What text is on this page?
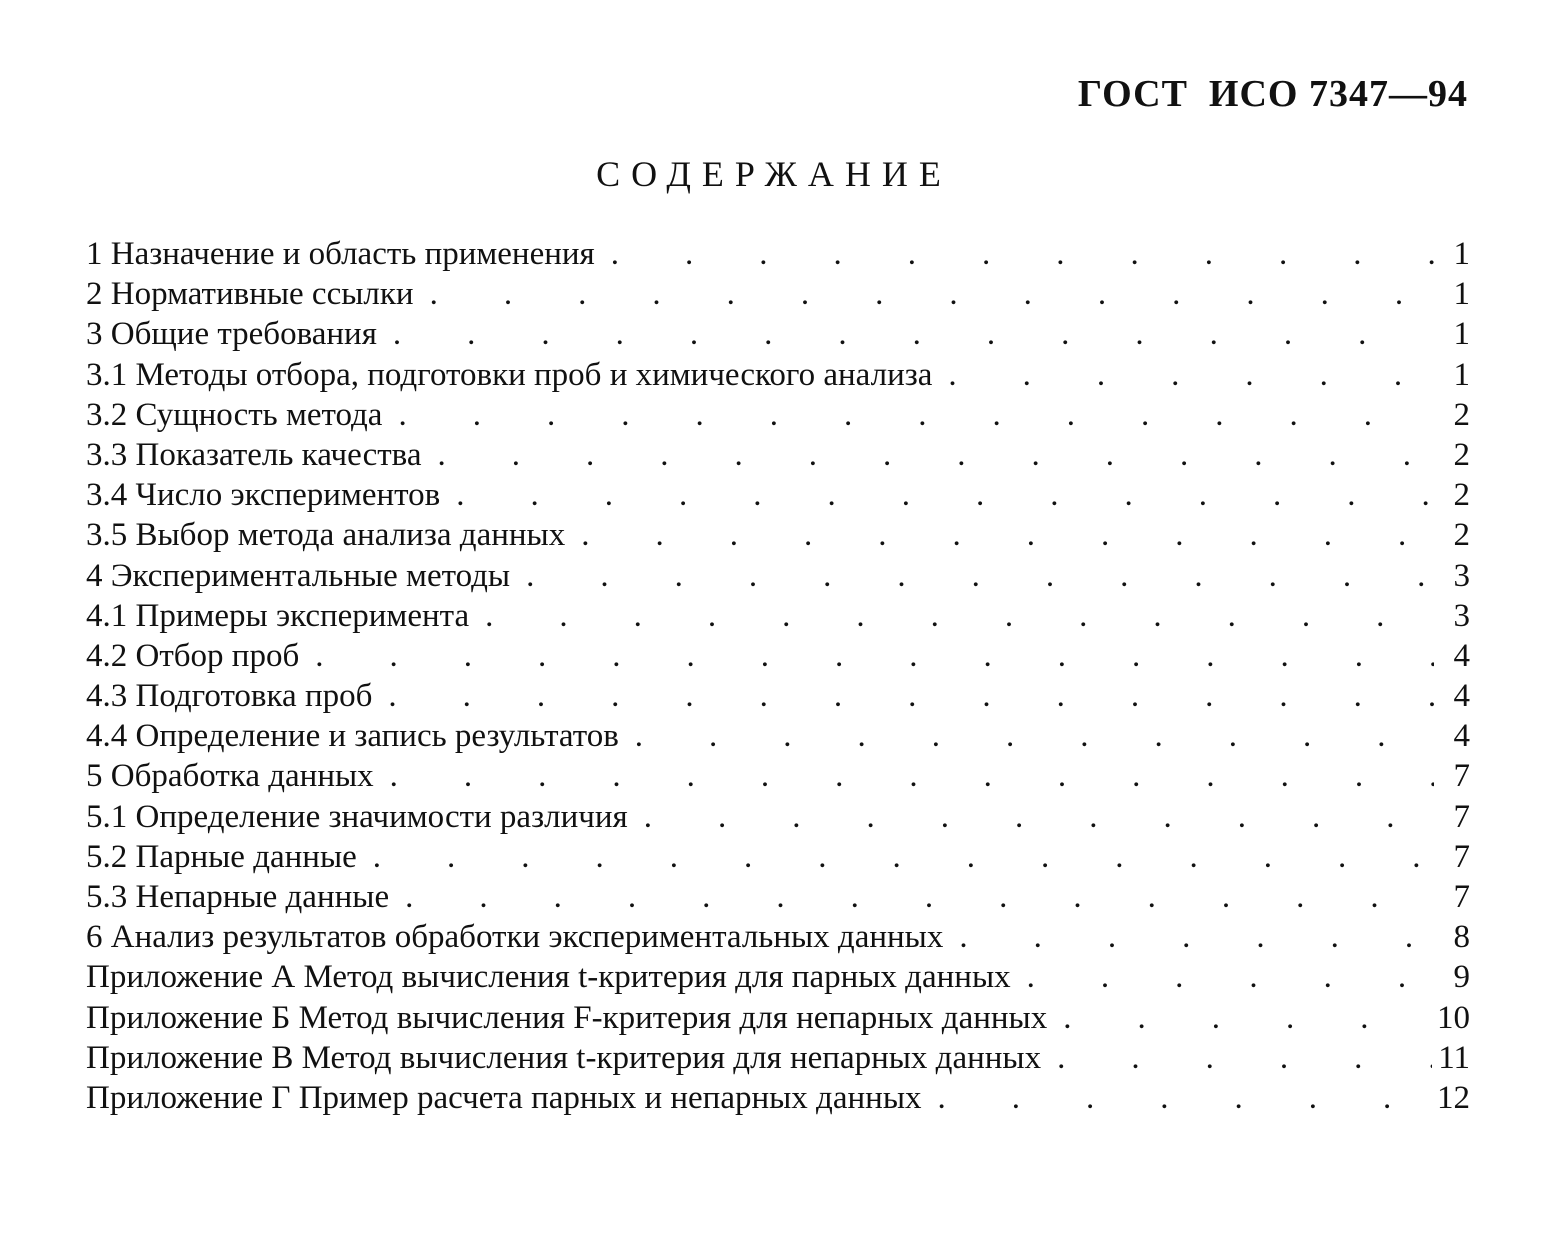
ГОСТ  ИСО 7347—94
СОДЕРЖАНИЕ
1 Назначение и область применения .	1
2 Нормативные ссылки .	1
3 Общие требования .	1
3.1 Методы отбора, подготовки проб и химического анализа .	1
3.2 Сущность метода .	2
3.3 Показатель качества .	2
3.4 Число экспериментов .	2
3.5 Выбор метода анализа данных .	2
4 Экспериментальные методы .	3
4.1 Примеры эксперимента .	3
4.2 Отбор проб .	4
4.3 Подготовка проб .	4
4.4 Определение и запись результатов .	4
5 Обработка данных .	7
5.1 Определение значимости различия .	7
5.2 Парные данные .	7
5.3 Непарные данные .	7
6 Анализ результатов обработки экспериментальных данных .	8
Приложение А Метод вычисления t-критерия для парных данных .	9
Приложение Б Метод вычисления F-критерия для непарных данных .	10
Приложение В Метод вычисления t-критерия для непарных данных .	11
Приложение Г Пример расчета парных и непарных данных .	12
